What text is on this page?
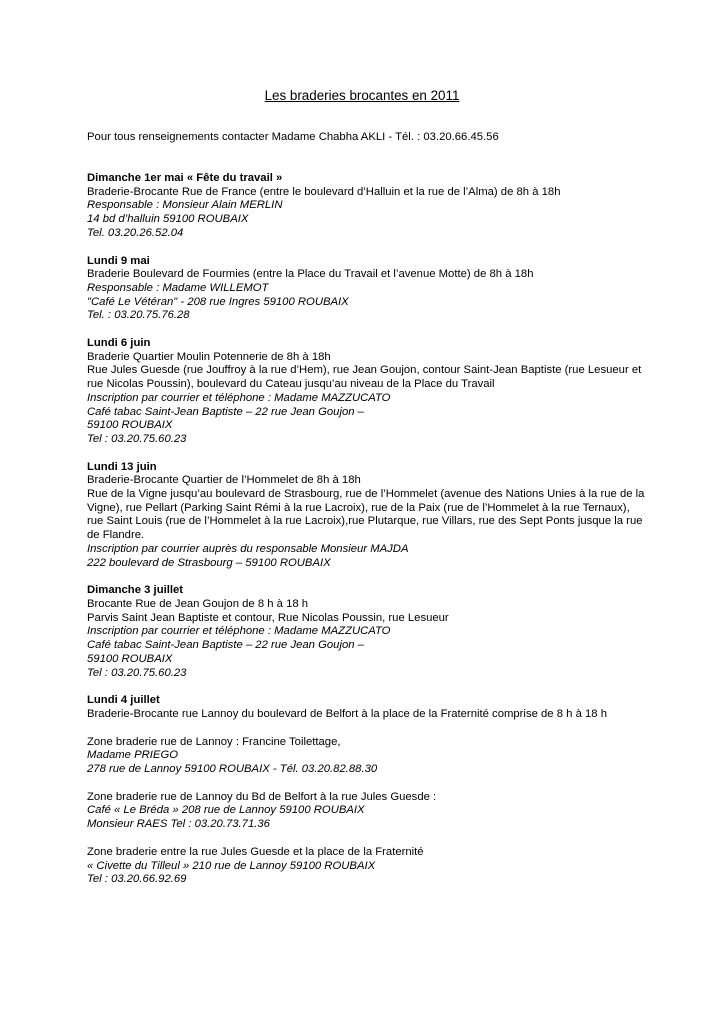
Les braderies brocantes en 2011
Pour tous renseignements contacter Madame Chabha AKLI - Tél. : 03.20.66.45.56
Dimanche 1er mai « Fête du travail »
Braderie-Brocante Rue de France (entre le boulevard d’Halluin et la rue de l’Alma) de 8h à 18h
Responsable : Monsieur Alain MERLIN
14 bd d’halluin 59100 ROUBAIX
Tel. 03.20.26.52.04
Lundi 9 mai
Braderie Boulevard de Fourmies (entre la Place du Travail et l’avenue Motte) de 8h à 18h
Responsable : Madame WILLEMOT
"Café Le Vétéran" - 208 rue Ingres 59100 ROUBAIX
Tel. : 03.20.75.76.28
Lundi 6 juin
Braderie Quartier Moulin Potennerie de 8h à 18h
Rue Jules Guesde (rue Jouffroy à la rue d’Hem), rue Jean Goujon, contour Saint-Jean Baptiste (rue Lesueur et rue Nicolas Poussin), boulevard du Cateau jusqu’au niveau de la Place du Travail
Inscription par courrier et téléphone : Madame MAZZUCATO
Café tabac Saint-Jean Baptiste – 22 rue Jean Goujon –
59100 ROUBAIX
Tel : 03.20.75.60.23
Lundi 13 juin
Braderie-Brocante Quartier de l’Hommelet de 8h à 18h
Rue de la Vigne jusqu’au boulevard de Strasbourg, rue de l’Hommelet (avenue des Nations Unies à la rue de la Vigne), rue Pellart (Parking Saint Rémi à la rue Lacroix), rue de la Paix (rue de l’Hommelet à la rue Ternaux), rue Saint Louis (rue de l’Hommelet à la rue Lacroix),rue Plutarque, rue Villars, rue des Sept Ponts jusque la rue de Flandre.
Inscription par courrier auprès du responsable Monsieur MAJDA
222 boulevard de Strasbourg – 59100 ROUBAIX
Dimanche 3 juillet
Brocante Rue de Jean Goujon de 8 h à 18 h
Parvis Saint Jean Baptiste et contour, Rue Nicolas Poussin, rue Lesueur
Inscription par courrier et téléphone : Madame MAZZUCATO
Café tabac Saint-Jean Baptiste – 22 rue Jean Goujon –
59100 ROUBAIX
Tel : 03.20.75.60.23
Lundi 4 juillet
Braderie-Brocante rue Lannoy du boulevard de Belfort à la place de la Fraternité comprise de 8 h à 18 h
Zone braderie rue de Lannoy : Francine Toilettage,
Madame PRIEGO
278 rue de Lannoy 59100 ROUBAIX - Tél. 03.20.82.88.30
Zone braderie rue de Lannoy du Bd de Belfort à la rue Jules Guesde :
Café « Le Bréda » 208 rue de Lannoy 59100 ROUBAIX
Monsieur RAES Tel : 03.20.73.71.36
Zone braderie entre la rue Jules Guesde et la place de la Fraternité
« Civette du Tilleul » 210 rue de Lannoy 59100 ROUBAIX
Tel : 03.20.66.92.69
